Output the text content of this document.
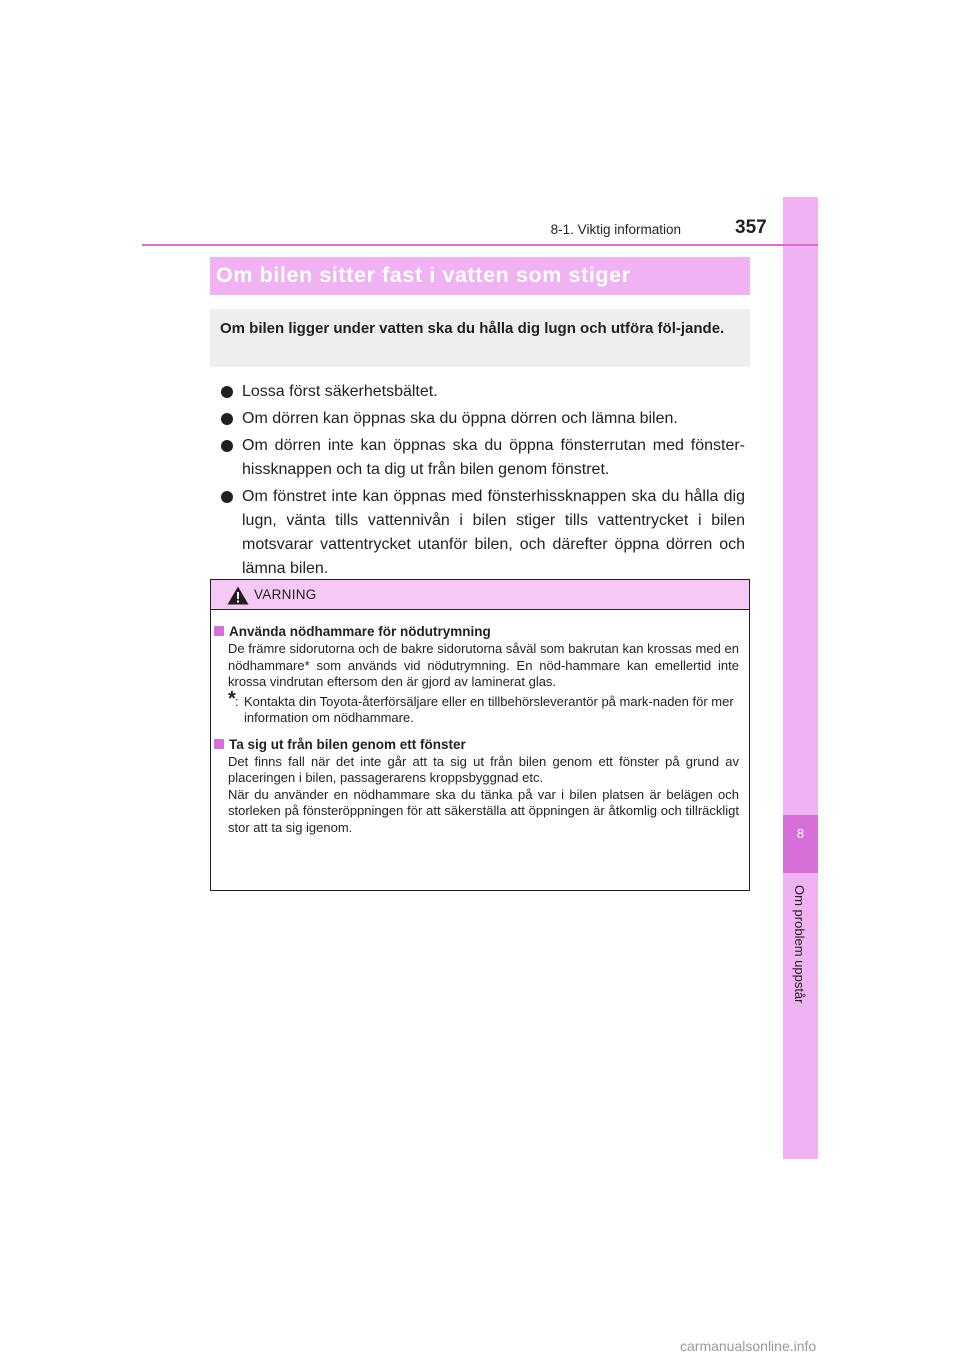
8
Om problem uppstår
8-1. Viktig information	357
Om bilen sitter fast i vatten som stiger
Om bilen ligger under vatten ska du hålla dig lugn och utföra föl-jande.
Lossa först säkerhetsbältet.
Om dörren kan öppnas ska du öppna dörren och lämna bilen.
Om dörren inte kan öppnas ska du öppna fönsterrutan med fönster-hissknappen och ta dig ut från bilen genom fönstret.
Om fönstret inte kan öppnas med fönsterhissknappen ska du hålla dig lugn, vänta tills vattennivån i bilen stiger tills vattentrycket i bilen motsvarar vattentrycket utanför bilen, och därefter öppna dörren och lämna bilen.
VARNING
Använda nödhammare för nödutrymning
De främre sidorutorna och de bakre sidorutorna såväl som bakrutan kan krossas med en nödhammare* som används vid nödutrymning. En nöd-hammare kan emellertid inte krossa vindrutan eftersom den är gjord av laminerat glas.
* : Kontakta din Toyota-återförsäljare eller en tillbehörsleverantör på mark-naden för mer information om nödhammare.
Ta sig ut från bilen genom ett fönster
Det finns fall när det inte går att ta sig ut från bilen genom ett fönster på grund av placeringen i bilen, passagerarens kroppsbyggnad etc.
När du använder en nödhammare ska du tänka på var i bilen platsen är belägen och storleken på fönsteröppningen för att säkerställa att öppningen är åtkomlig och tillräckligt stor att ta sig igenom.
carmanualsonline.info
